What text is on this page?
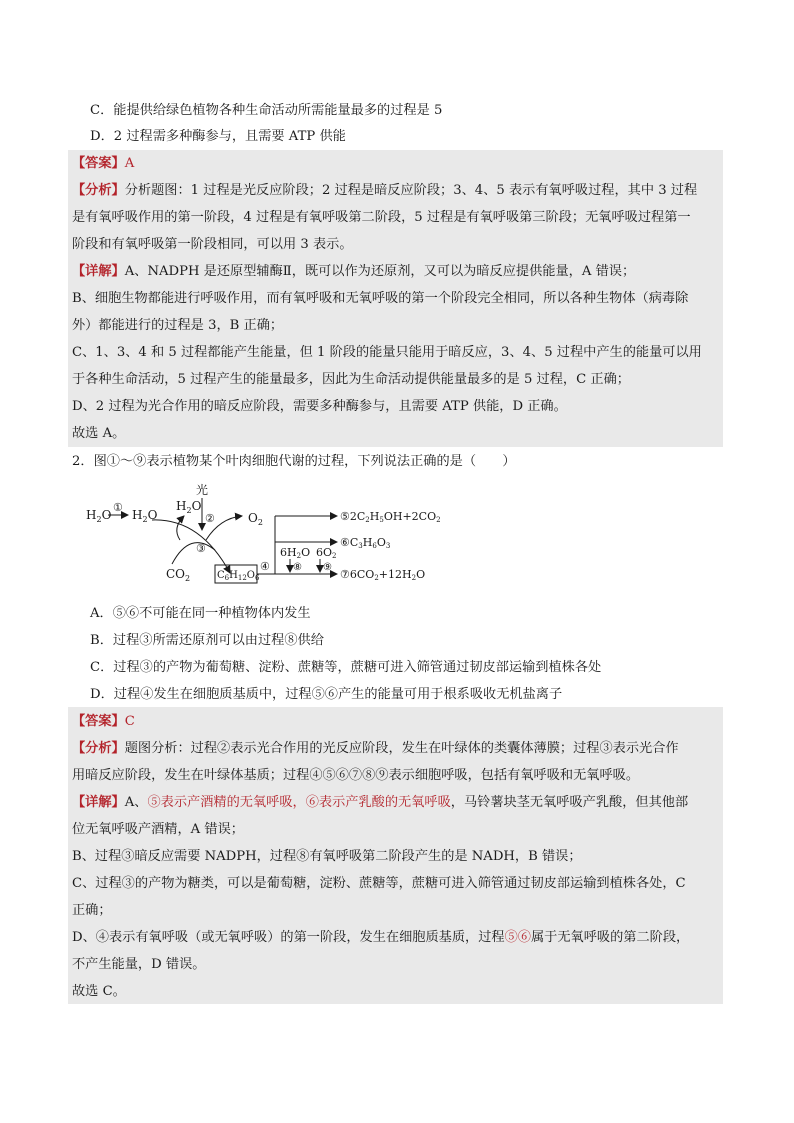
C．能提供给绿色植物各种生命活动所需能量最多的过程是 5
D．2 过程需多种酶参与，且需要 ATP 供能
【答案】A
【分析】分析题图：1 过程是光反应阶段；2 过程是暗反应阶段；3、4、5 表示有氧呼吸过程，其中 3 过程
是有氧呼吸作用的第一阶段，4 过程是有氧呼吸第二阶段，5 过程是有氧呼吸第三阶段；无氧呼吸过程第一
阶段和有氧呼吸第一阶段相同，可以用 3 表示。
【详解】A、NADPH 是还原型辅酶Ⅱ，既可以作为还原剂，又可以为暗反应提供能量，A 错误；
B、细胞生物都能进行呼吸作用，而有氧呼吸和无氧呼吸的第一个阶段完全相同，所以各种生物体（病毒除
外）都能进行的过程是 3，B 正确；
C、1、3、4 和 5 过程都能产生能量，但 1 阶段的能量只能用于暗反应，3、4、5 过程中产生的能量可以用
于各种生命活动，5 过程产生的能量最多，因此为生命活动提供能量最多的是 5 过程，C 正确；
D、2 过程为光合作用的暗反应阶段，需要多种酶参与，且需要 ATP 供能，D 正确。
故选 A。
2．图①～⑨表示植物某个叶肉细胞代谢的过程，下列说法正确的是（　　）
$H_2O$
①
$H_2O$
$H_2O$
光
②	$O_2$
③
$CO_2$	$C_6H_{12}O_6$
④
6H2O
⑧
6O2
⑨
⑤2C2H5OH+2CO2
⑥C3H6O3
⑦6CO2+12H2O
A．⑤⑥不可能在同一种植物体内发生
B．过程③所需还原剂可以由过程⑧供给
C．过程③的产物为葡萄糖、淀粉、蔗糖等，蔗糖可进入筛管通过韧皮部运输到植株各处
D．过程④发生在细胞质基质中，过程⑤⑥产生的能量可用于根系吸收无机盐离子
【答案】C
【分析】题图分析：过程②表示光合作用的光反应阶段，发生在叶绿体的类囊体薄膜；过程③表示光合作
用暗反应阶段，发生在叶绿体基质；过程④⑤⑥⑦⑧⑨表示细胞呼吸，包括有氧呼吸和无氧呼吸。
【详解】A、⑤表示产酒精的无氧呼吸，⑥表示产乳酸的无氧呼吸，马铃薯块茎无氧呼吸产乳酸，但其他部
位无氧呼吸产酒精，A 错误；
B、过程③暗反应需要 NADPH，过程⑧有氧呼吸第二阶段产生的是 NADH，B 错误；
C、过程③的产物为糖类，可以是葡萄糖，淀粉、蔗糖等，蔗糖可进入筛管通过韧皮部运输到植株各处，C
正确；
D、④表示有氧呼吸（或无氧呼吸）的第一阶段，发生在细胞质基质，过程⑤⑥属于无氧呼吸的第二阶段，
不产生能量，D 错误。
故选 C。
